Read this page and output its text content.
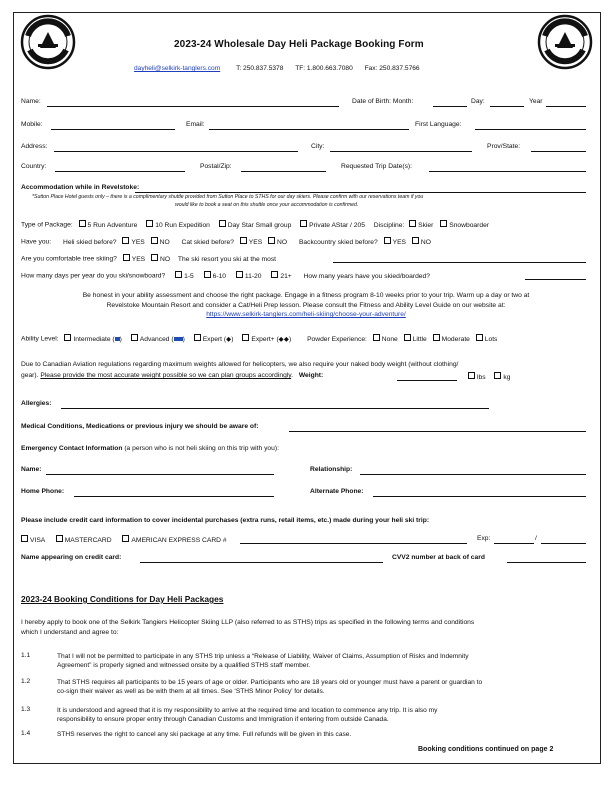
2023-24 Wholesale Day Heli Package Booking Form
dayheli@selkirk-tanglers.com T: 250.837.5378 TF: 1.800.663.7080 Fax: 250.837.5766
Name:	Date of Birth: Month:	Day:	Year
Mobile:	Email:	First Language:
Address:	City:	Prov/State:
Country:	Postal/Zip:	Requested Trip Date(s):
Accommodation while in Revelstoke:
*Sutton Place Hotel guests only – there is a complimentary shuttle provided from Sutton Place to STHS for our day skiers. Please confirm with our reservations team if you
would like to book a seat on this shuttle once your accommodation is confirmed.
Type of Package: 5 Run Adventure	10 Run Expedition	Day Star Small group	Private AStar / 205 Discipline: Skier Snowboarder
Have you: Heli skied before? YES NO Cat skied before? YES NO Backcountry skied before? YES NO
Are you comfortable tree skiing? YES NO The ski resort you ski at the most
How many days per year do you ski/snowboard?	1-5	6-10	11-20	21+ How many years have you skied/boarded?
Be honest in your ability assessment and choose the right package. Engage in a fitness program 8-10 weeks prior to your trip. Warm up a day or two at
Revelstoke Mountain Resort and consider a Cat/Heli Prep lesson. Please consult the Fitness and Ability Level Guide on our website at:
https://www.selkirk-tanglers.com/heli-skiing/choose-your-adventure/
Ability Level: Intermediate ( )	Advanced ( )	Expert (◆)	Expert+ (◆◆) Powder Experience: None Little Moderate Lots
Due to Canadian Aviation regulations regarding maximum weights allowed for helicopters, we also require your naked body weight (without clothing/
gear). Please provide the most accurate weight possible so we can plan groups accordingly. Weight:	lbs	kg
Allergies:
Medical Conditions, Medications or previous injury we should be aware of:
Emergency Contact Information (a person who is not heli skiing on this trip with you):
Name:	Relationship:
Home Phone:	Alternate Phone:
Please include credit card information to cover incidental purchases (extra runs, retail items, etc.) made during your heli ski trip:
VISA	MASTERCARD	AMERICAN EXPRESS CARD #	Exp:	/
Name appearing on credit card:	CVV2 number at back of card
2023-24 Booking Conditions for Day Heli Packages
I hereby apply to book one of the Selkirk Tangiers Helicopter Skiing LLP (also referred to as STHS) trips as specified in the following terms and conditions
which I understand and agree to:
1.1	That I will not be permitted to participate in any STHS trip unless a “Release of Liability, Waiver of Claims, Assumption of Risks and Indemnity
Agreement” is properly signed and witnessed onsite by a qualified STHS staff member.
1.2	That STHS requires all participants to be 15 years of age or older. Participants who are 18 years old or younger must have a parent or guardian to
co-sign their waiver as well as be with them at all times. See ‘STHS Minor Policy’ for details.
1.3	It is understood and agreed that it is my responsibility to arrive at the required time and location to commence any trip. It is also my
responsibility to ensure proper entry through Canadian Customs and Immigration if entering from outside Canada.
1.4	STHS reserves the right to cancel any ski package at any time. Full refunds will be given in this case.
Booking conditions continued on page 2
